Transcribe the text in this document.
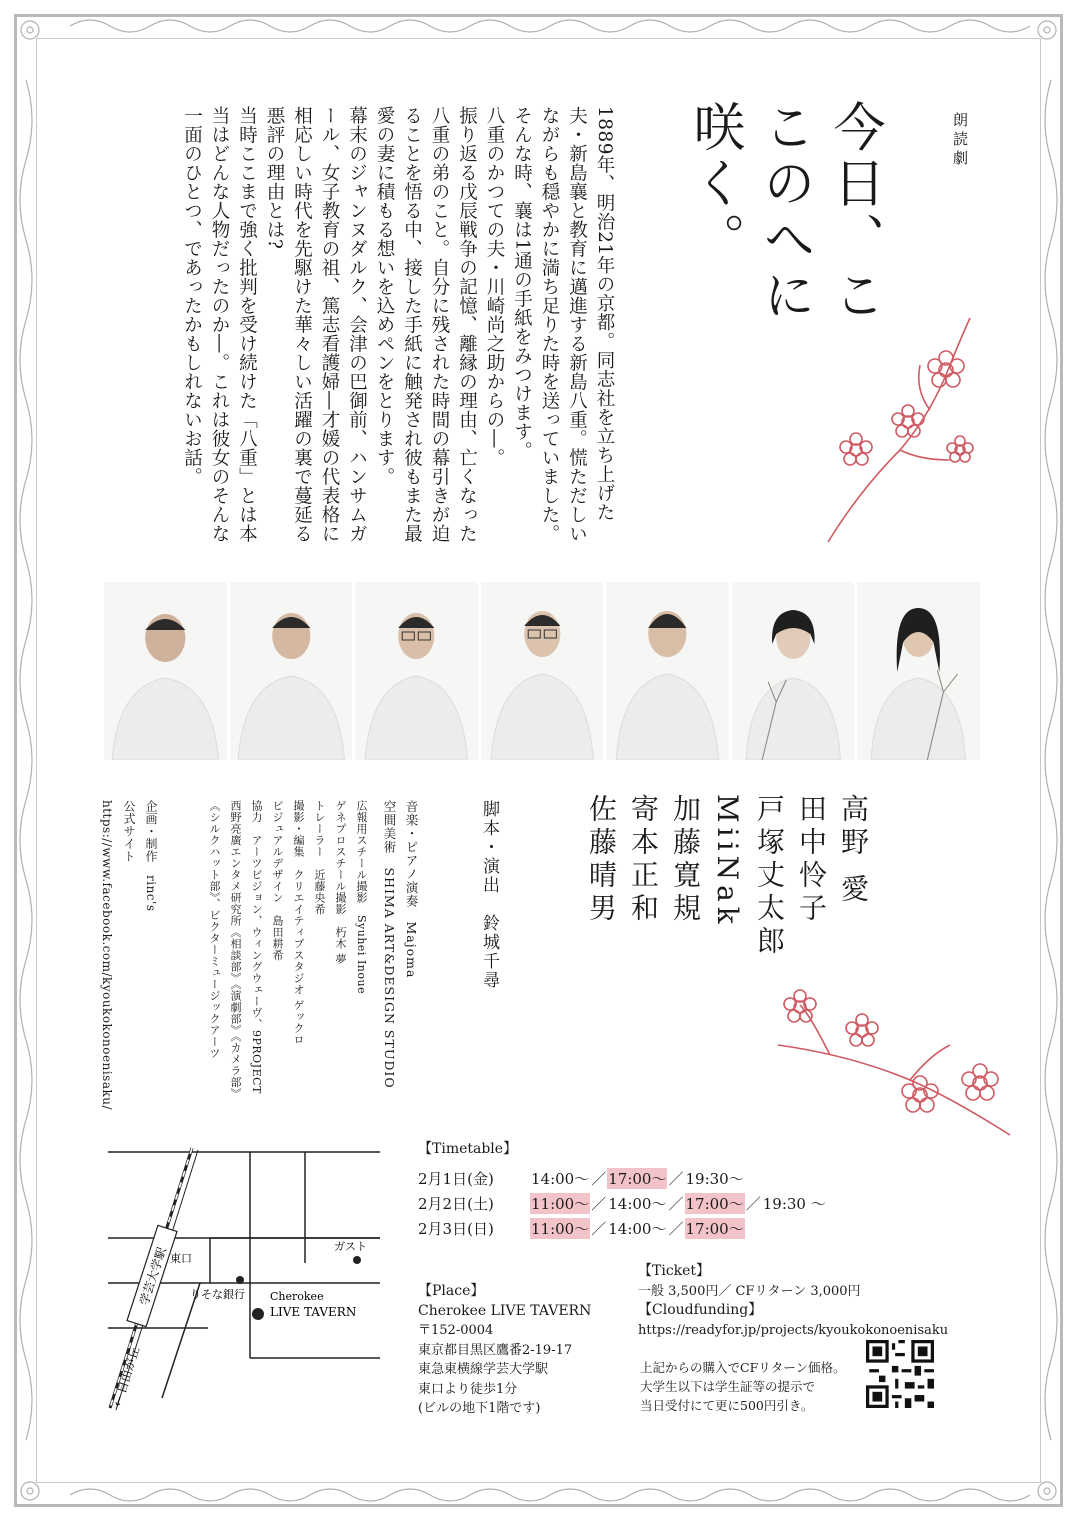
朗読劇
今日、ここのへに咲く。
1889年、明治21年の京都。同志社を立ち上げた夫・新島襄と教育に邁進する新島八重。慌ただしいながらも穏やかに満ち足りた時を送っていました。そんな時、襄は1通の手紙をみつけます。
八重のかつての夫・川崎尚之助からの―。
振り返る戊辰戦争の記憶、離縁の理由、亡くなった八重の弟のこと。自分に残された時間の幕引きが迫ることを悟る中、接した手紙に触発され彼もまた最愛の妻に積もる想いを込めペンをとります。
幕末のジャンヌダルク、会津の巴御前、ハンサムガール、女子教育の祖、篤志看護婦―才媛の代表格に相応しい時代を先駆けた華々しい活躍の裏で蔓延る悪評の理由とは?
当時ここまで強く批判を受け続けた「八重」とは本当はどんな人物だったのか―。これは彼女のそんな一面のひとつ、であったかもしれないお話。
高野 愛
田中怜子
戸塚丈太郎
MiiNak
加藤寛規
寄本正和
佐藤晴男
脚本・演出　鈴城千尋
音楽・ピアノ演奏　Majoma
空間美術　SHIMA ART&DESIGN STUDIO
広報用スチール撮影　Syuhei Inoue
ゲネプロスチール撮影　朽木 夢
トレーラー　近藤央希
撮影・編集　クリエイティブスタジオ ゲックロ
ビジュアルデザイン　島田耕希
協力　アーツビジョン、ウィングウェーヴ、9PROJECT
西野亮廣エンタメ研究所《相談部》《演劇部》《カメラ部》
《シルクハット部》、ビクターミュージックアーツ
企画・制作　rinc's
公式サイト
https://www.facebook.com/kyoukokonoenisaku/
学芸大学駅
← 自由が丘
東口
りそな銀行
ガスト
Cherokee
LIVE TAVERN
【Timetable】
2月1日(金)	14:00～ ／ 17:00～ ／ 19:30～
2月2日(土)	11:00～ ／ 14:00～ ／ 17:00～ ／ 19:30 ～
2月3日(日)	11:00～ ／ 14:00～ ／ 17:00～
【Place】
Cherokee LIVE TAVERN
〒152-0004
東京都目黒区鷹番2-19-17
東急東横線学芸大学駅
東口より徒歩1分
(ビルの地下1階です)
【Ticket】
一般 3,500円／ CFリターン 3,000円
【Cloudfunding】
https://readyfor.jp/projects/kyoukokonoenisaku
上記からの購入でCFリターン価格。
大学生以下は学生証等の提示で
当日受付にて更に500円引き。
